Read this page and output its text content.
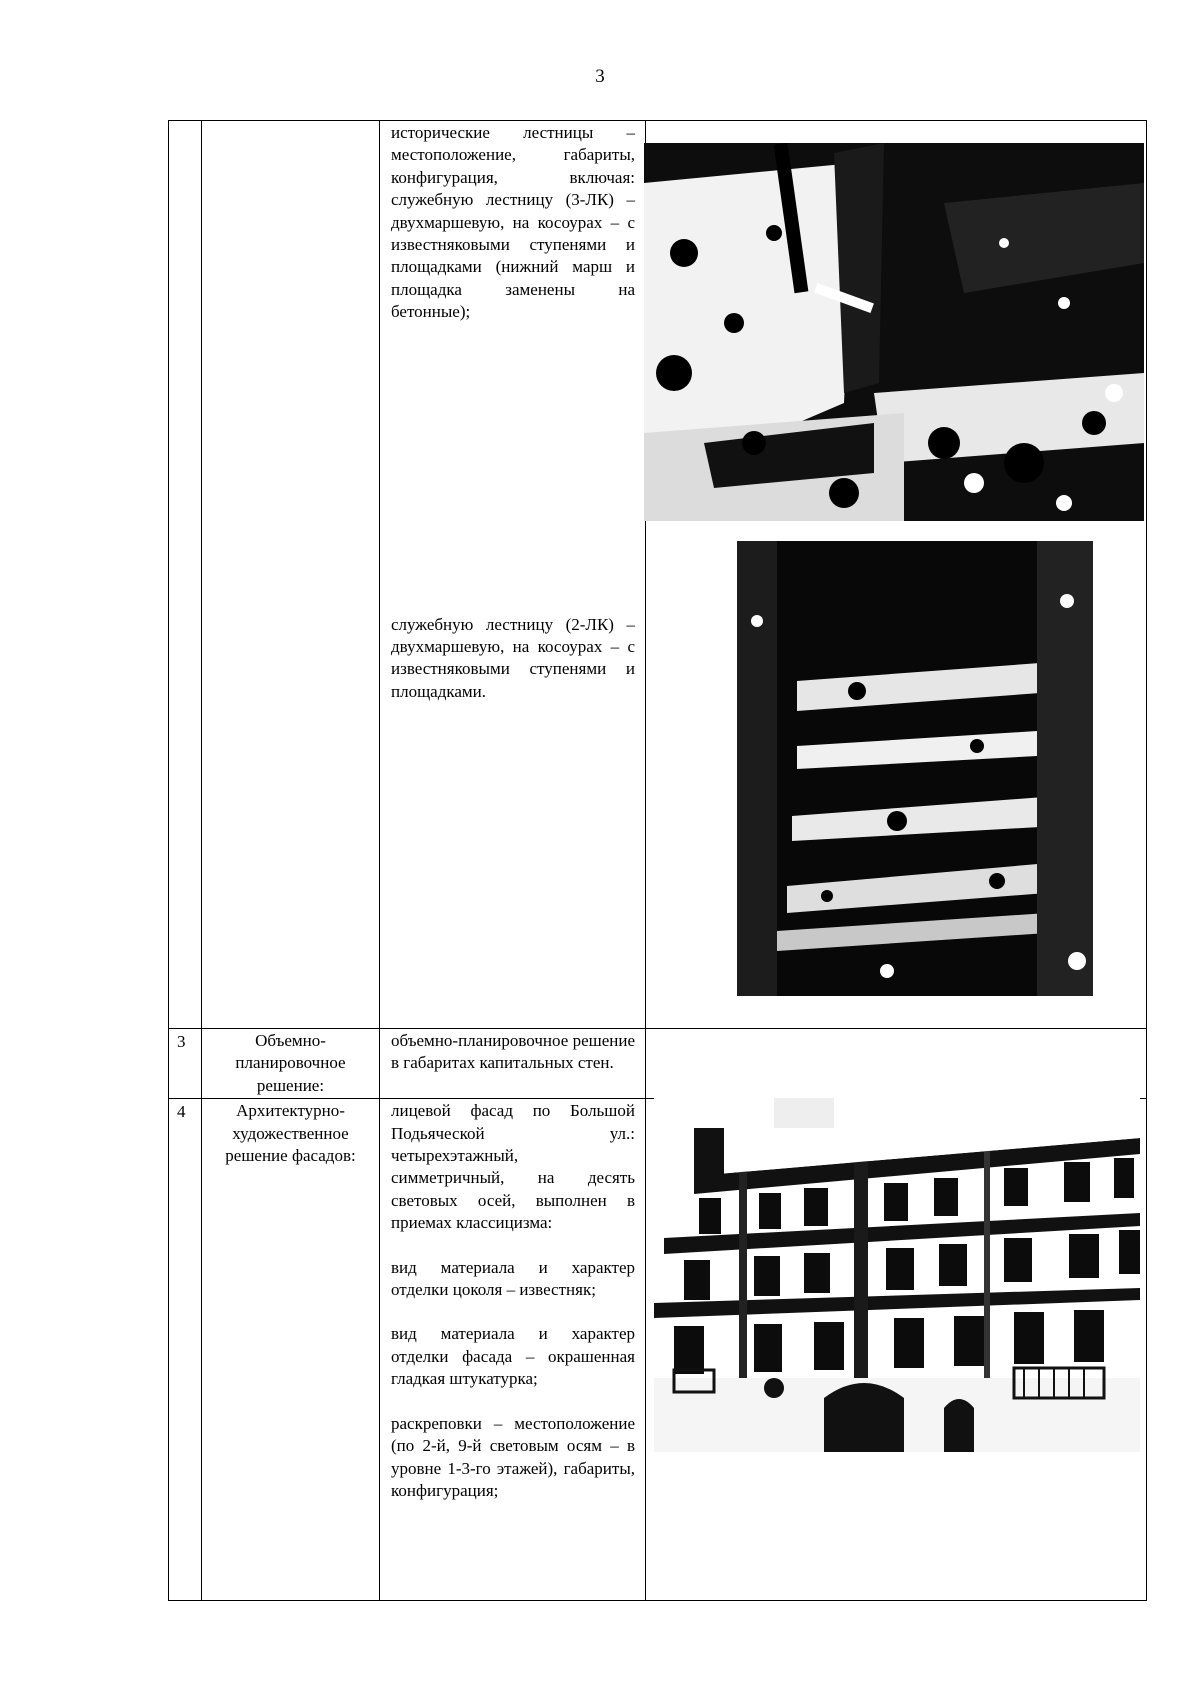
3

		исторические лестницы – местоположение, габариты, конфигурация, включая: служебную лестницу (3-ЛК) – двухмаршевую, на косоурах – с известняковыми ступенями и площадками (нижний марш и площадка заменены на бетонные);

служебную лестницу (2-ЛК) – двухмаршевую, на косоурах – с известняковыми ступенями и площадками.	

3	Объемно-планировочное решение:	объемно-планировочное решение в габаритах капитальных стен.	

4	Архитектурно-художественное решение фасадов:	лицевой фасад по Большой Подьяческой ул.: четырехэтажный, симметричный, на десять световых осей, выполнен в приемах классицизма:

вид материала и характер отделки цоколя – известняк;

вид материала и характер отделки фасада – окрашенная гладкая штукатурка;

раскреповки – местоположение (по 2-й, 9-й световым осям – в уровне 1-3-го этажей), габариты, конфигурация;	
